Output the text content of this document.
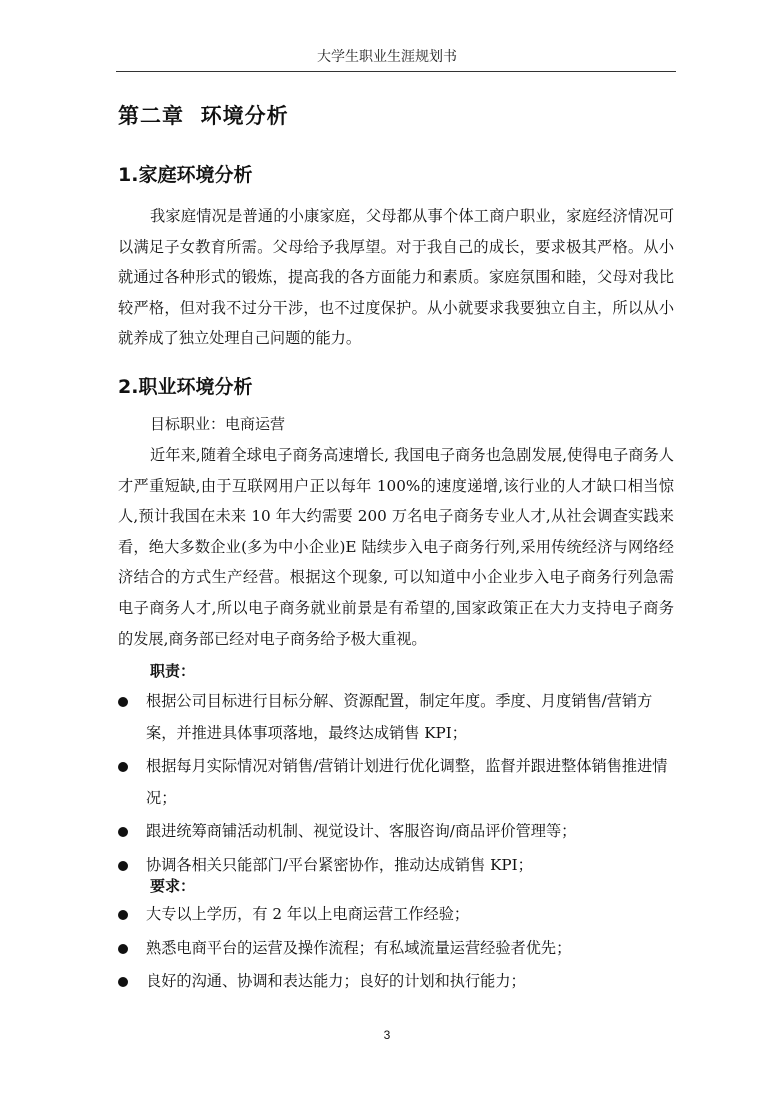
大学生职业生涯规划书
第二章  环境分析
1.家庭环境分析
我家庭情况是普通的小康家庭，父母都从事个体工商户职业，家庭经济情况可以满足子女教育所需。父母给予我厚望。对于我自己的成长，要求极其严格。从小就通过各种形式的锻炼，提高我的各方面能力和素质。家庭氛围和睦，父母对我比较严格，但对我不过分干涉，也不过度保护。从小就要求我要独立自主，所以从小就养成了独立处理自己问题的能力。
2.职业环境分析
目标职业：电商运营
近年来,随着全球电子商务高速增长, 我国电子商务也急剧发展,使得电子商务人才严重短缺,由于互联网用户正以每年 100%的速度递增,该行业的人才缺口相当惊人,预计我国在未来 10 年大约需要 200 万名电子商务专业人才,从社会调查实践来看，绝大多数企业(多为中小企业)E 陆续步入电子商务行列,采用传统经济与网络经济结合的方式生产经营。根据这个现象, 可以知道中小企业步入电子商务行列急需电子商务人才,所以电子商务就业前景是有希望的,国家政策正在大力支持电子商务的发展,商务部已经对电子商务给予极大重视。
职责：
根据公司目标进行目标分解、资源配置，制定年度。季度、月度销售/营销方案，并推进具体事项落地，最终达成销售 KPI；
根据每月实际情况对销售/营销计划进行优化调整，监督并跟进整体销售推进情况；
跟进统筹商铺活动机制、视觉设计、客服咨询/商品评价管理等；
协调各相关只能部门/平台紧密协作，推动达成销售 KPI；
要求：
大专以上学历，有 2 年以上电商运营工作经验；
熟悉电商平台的运营及操作流程；有私域流量运营经验者优先；
良好的沟通、协调和表达能力；良好的计划和执行能力；
3
